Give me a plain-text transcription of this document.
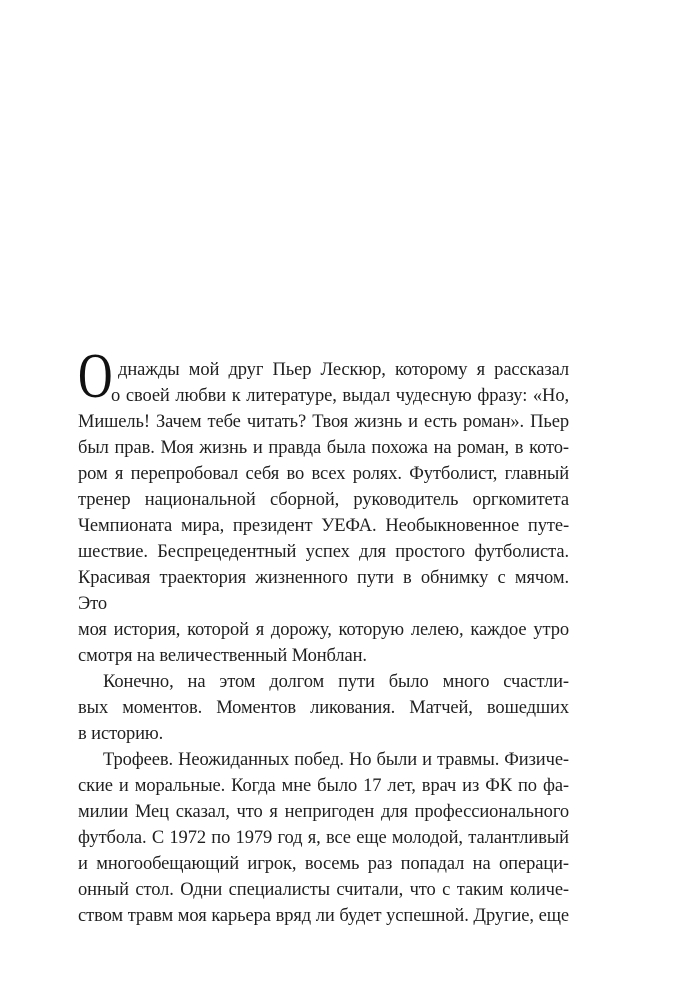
О днажды мой друг Пьер Лескюр, которому я рассказал
о своей любви к литературе, выдал чудесную фразу: «Но,
Мишель! Зачем тебе читать? Твоя жизнь и есть роман». Пьер
был прав. Моя жизнь и правда была похожа на роман, в кото-
ром я перепробовал себя во всех ролях. Футболист, главный
тренер национальной сборной, руководитель оргкомитета
Чемпионата мира, президент УЕФА. Необыкновенное путе-
шествие. Беспрецедентный успех для простого футболиста.
Красивая траектория жизненного пути в обнимку с мячом. Это
моя история, которой я дорожу, которую лелею, каждое утро
смотря на величественный Монблан.
Конечно, на этом долгом пути было много счастли-
вых моментов. Моментов ликования. Матчей, вошедших
в историю.
Трофеев. Неожиданных побед. Но были и травмы. Физиче-
ские и моральные. Когда мне было 17 лет, врач из ФК по фа-
милии Мец сказал, что я непригоден для профессионального
футбола. С 1972 по 1979 год я, все еще молодой, талантливый
и многообещающий игрок, восемь раз попадал на операци-
онный стол. Одни специалисты считали, что с таким количе-
ством травм моя карьера вряд ли будет успешной. Другие, еще
